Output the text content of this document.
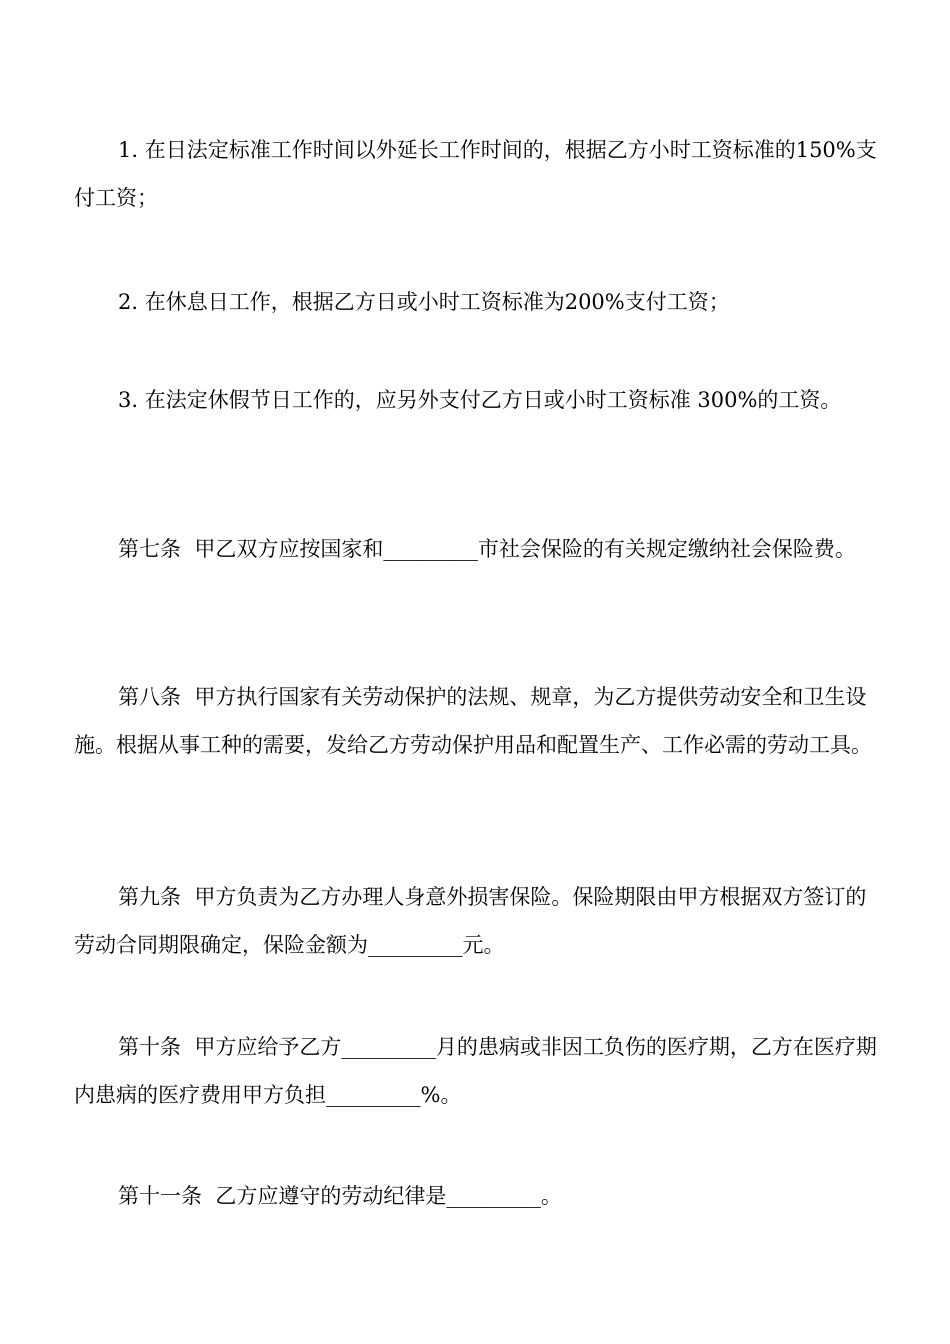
1. 在日法定标准工作时间以外延长工作时间的，根据乙方小时工资标准的150%支付工资；

2. 在休息日工作，根据乙方日或小时工资标准为200%支付工资；

3. 在法定休假节日工作的，应另外支付乙方日或小时工资标准 300%的工资。

第七条  甲乙双方应按国家和_________市社会保险的有关规定缴纳社会保险费。

第八条  甲方执行国家有关劳动保护的法规、规章，为乙方提供劳动安全和卫生设施。根据从事工种的需要，发给乙方劳动保护用品和配置生产、工作必需的劳动工具。

第九条  甲方负责为乙方办理人身意外损害保险。保险期限由甲方根据双方签订的劳动合同期限确定，保险金额为_________元。

第十条  甲方应给予乙方_________月的患病或非因工负伤的医疗期，乙方在医疗期内患病的医疗费用甲方负担_________%。

第十一条  乙方应遵守的劳动纪律是_________。
